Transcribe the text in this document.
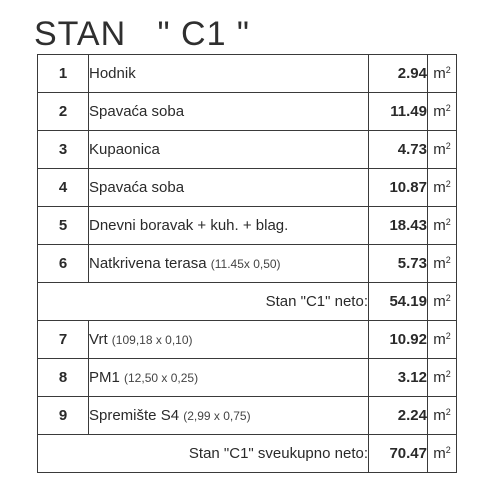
STAN   " C1 "
1	Hodnik	2.94	$m^2$
2	Spavaća soba	11.49	$m^2$
3	Kupaonica	4.73	$m^2$
4	Spavaća soba	10.87	$m^2$
5	Dnevni boravak + kuh. + blag.	18.43	$m^2$
6	Natkrivena terasa (11.45x 0,50)	5.73	$m^2$
Stan "C1" neto:		54.19	$m^2$
7	Vrt (109,18 x 0,10)	10.92	$m^2$
8	PM1 (12,50 x 0,25)	3.12	$m^2$
9	Spremište S4 (2,99 x 0,75)	2.24	$m^2$
Stan "C1" sveukupno neto:		70.47	$m^2$
